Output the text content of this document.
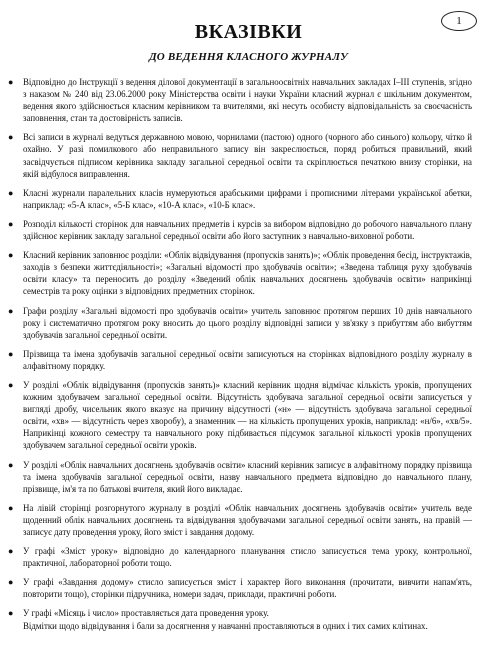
1
ВКАЗІВКИ
ДО ВЕДЕННЯ КЛАСНОГО ЖУРНАЛУ
●	Відповідно до Інструкції з ведення ділової документації в загальноосвітніх навчальних закладах І–ІІІ ступенів, згідно з наказом № 240 від 23.06.2000 року Міністерства освіти і науки України класний журнал є шкільним документом, ведення якого здійснюється класним керівником та вчителями, які несуть особисту відповідальність за своєчасність заповнення, стан та достовірність записів.
●	Всі записи в журналі ведуться державною мовою, чорнилами (пастою) одного (чорного або синього) кольору, чітко й охайно. У разі помилкового або неправильного запису він закреслюється, поряд робиться правильний, який засвідчується підписом керівника закладу загальної середньої освіти та скріплюється печаткою внизу сторінки, на якій відбулося виправлення.
●	Класні журнали паралельних класів нумеруються арабськими цифрами і прописними літерами української абетки, наприклад: «5-А клас», «5-Б клас», «10-А клас», «10-Б клас».
●	Розподіл кількості сторінок для навчальних предметів і курсів за вибором відповідно до робочого навчального плану здійснює керівник закладу загальної середньої освіти або його заступник з навчально-виховної роботи.
●	Класний керівник заповнює розділи: «Облік відвідування (пропусків занять)»; «Облік проведення бесід, інструктажів, заходів з безпеки життєдіяльності»; «Загальні відомості про здобувачів освіти»; «Зведена таблиця руху здобувачів освіти класу» та переносить до розділу «Зведений облік навчальних досягнень здобувачів освіти» наприкінці семестрів та року оцінки з відповідних предметних сторінок.
●	Графи розділу «Загальні відомості про здобувачів освіти» учитель заповнює протягом перших 10 днів навчального року і систематично протягом року вносить до цього розділу відповідні записи у зв'язку з прибуттям або вибуттям здобувачів загальної середньої освіти.
●	Прізвища та імена здобувачів загальної середньої освіти записуються на сторінках відповідного розділу журналу в алфавітному порядку.
●	У розділі «Облік відвідування (пропусків занять)» класний керівник щодня відмічає кількість уроків, пропущених кожним здобувачем загальної середньої освіти. Відсутність здобувача загальної середньої освіти записується у вигляді дробу, чисельник якого вказує на причину відсутності («н» — відсутність здобувача загальної середньої освіти, «хв» — відсутність через хворобу), а знаменник — на кількість пропущених уроків, наприклад: «н/6», «хв/5». Наприкінці кожного семестру та навчального року підбивається підсумок загальної кількості уроків пропущених здобувачем загальної середньої освіти уроків.
●	У розділі «Облік навчальних досягнень здобувачів освіти» класний керівник записує в алфавітному порядку прізвища та імена здобувачів загальної середньої освіти, назву навчального предмета відповідно до навчального плану, прізвище, ім'я та по батькові вчителя, який його викладає.
●	На лівій сторінці розгорнутого журналу в розділі «Облік навчальних досягнень здобувачів освіти» учитель веде щоденний облік навчальних досягнень та відвідування здобувачами загальної середньої освіти занять, на правій — записує дату проведення уроку, його зміст і завдання додому.
●	У графі «Зміст уроку» відповідно до календарного планування стисло записується тема уроку, контрольної, практичної, лабораторної роботи тощо.
●	У графі «Завдання додому» стисло записується зміст і характер його виконання (прочитати, вивчити напам'ять, повторити тощо), сторінки підручника, номери задач, приклади, практичні роботи.
●	У графі «Місяць і число» проставляється дата проведення уроку.
Відмітки щодо відвідування і бали за досягнення у навчанні проставляються в одних і тих самих клітинах.
